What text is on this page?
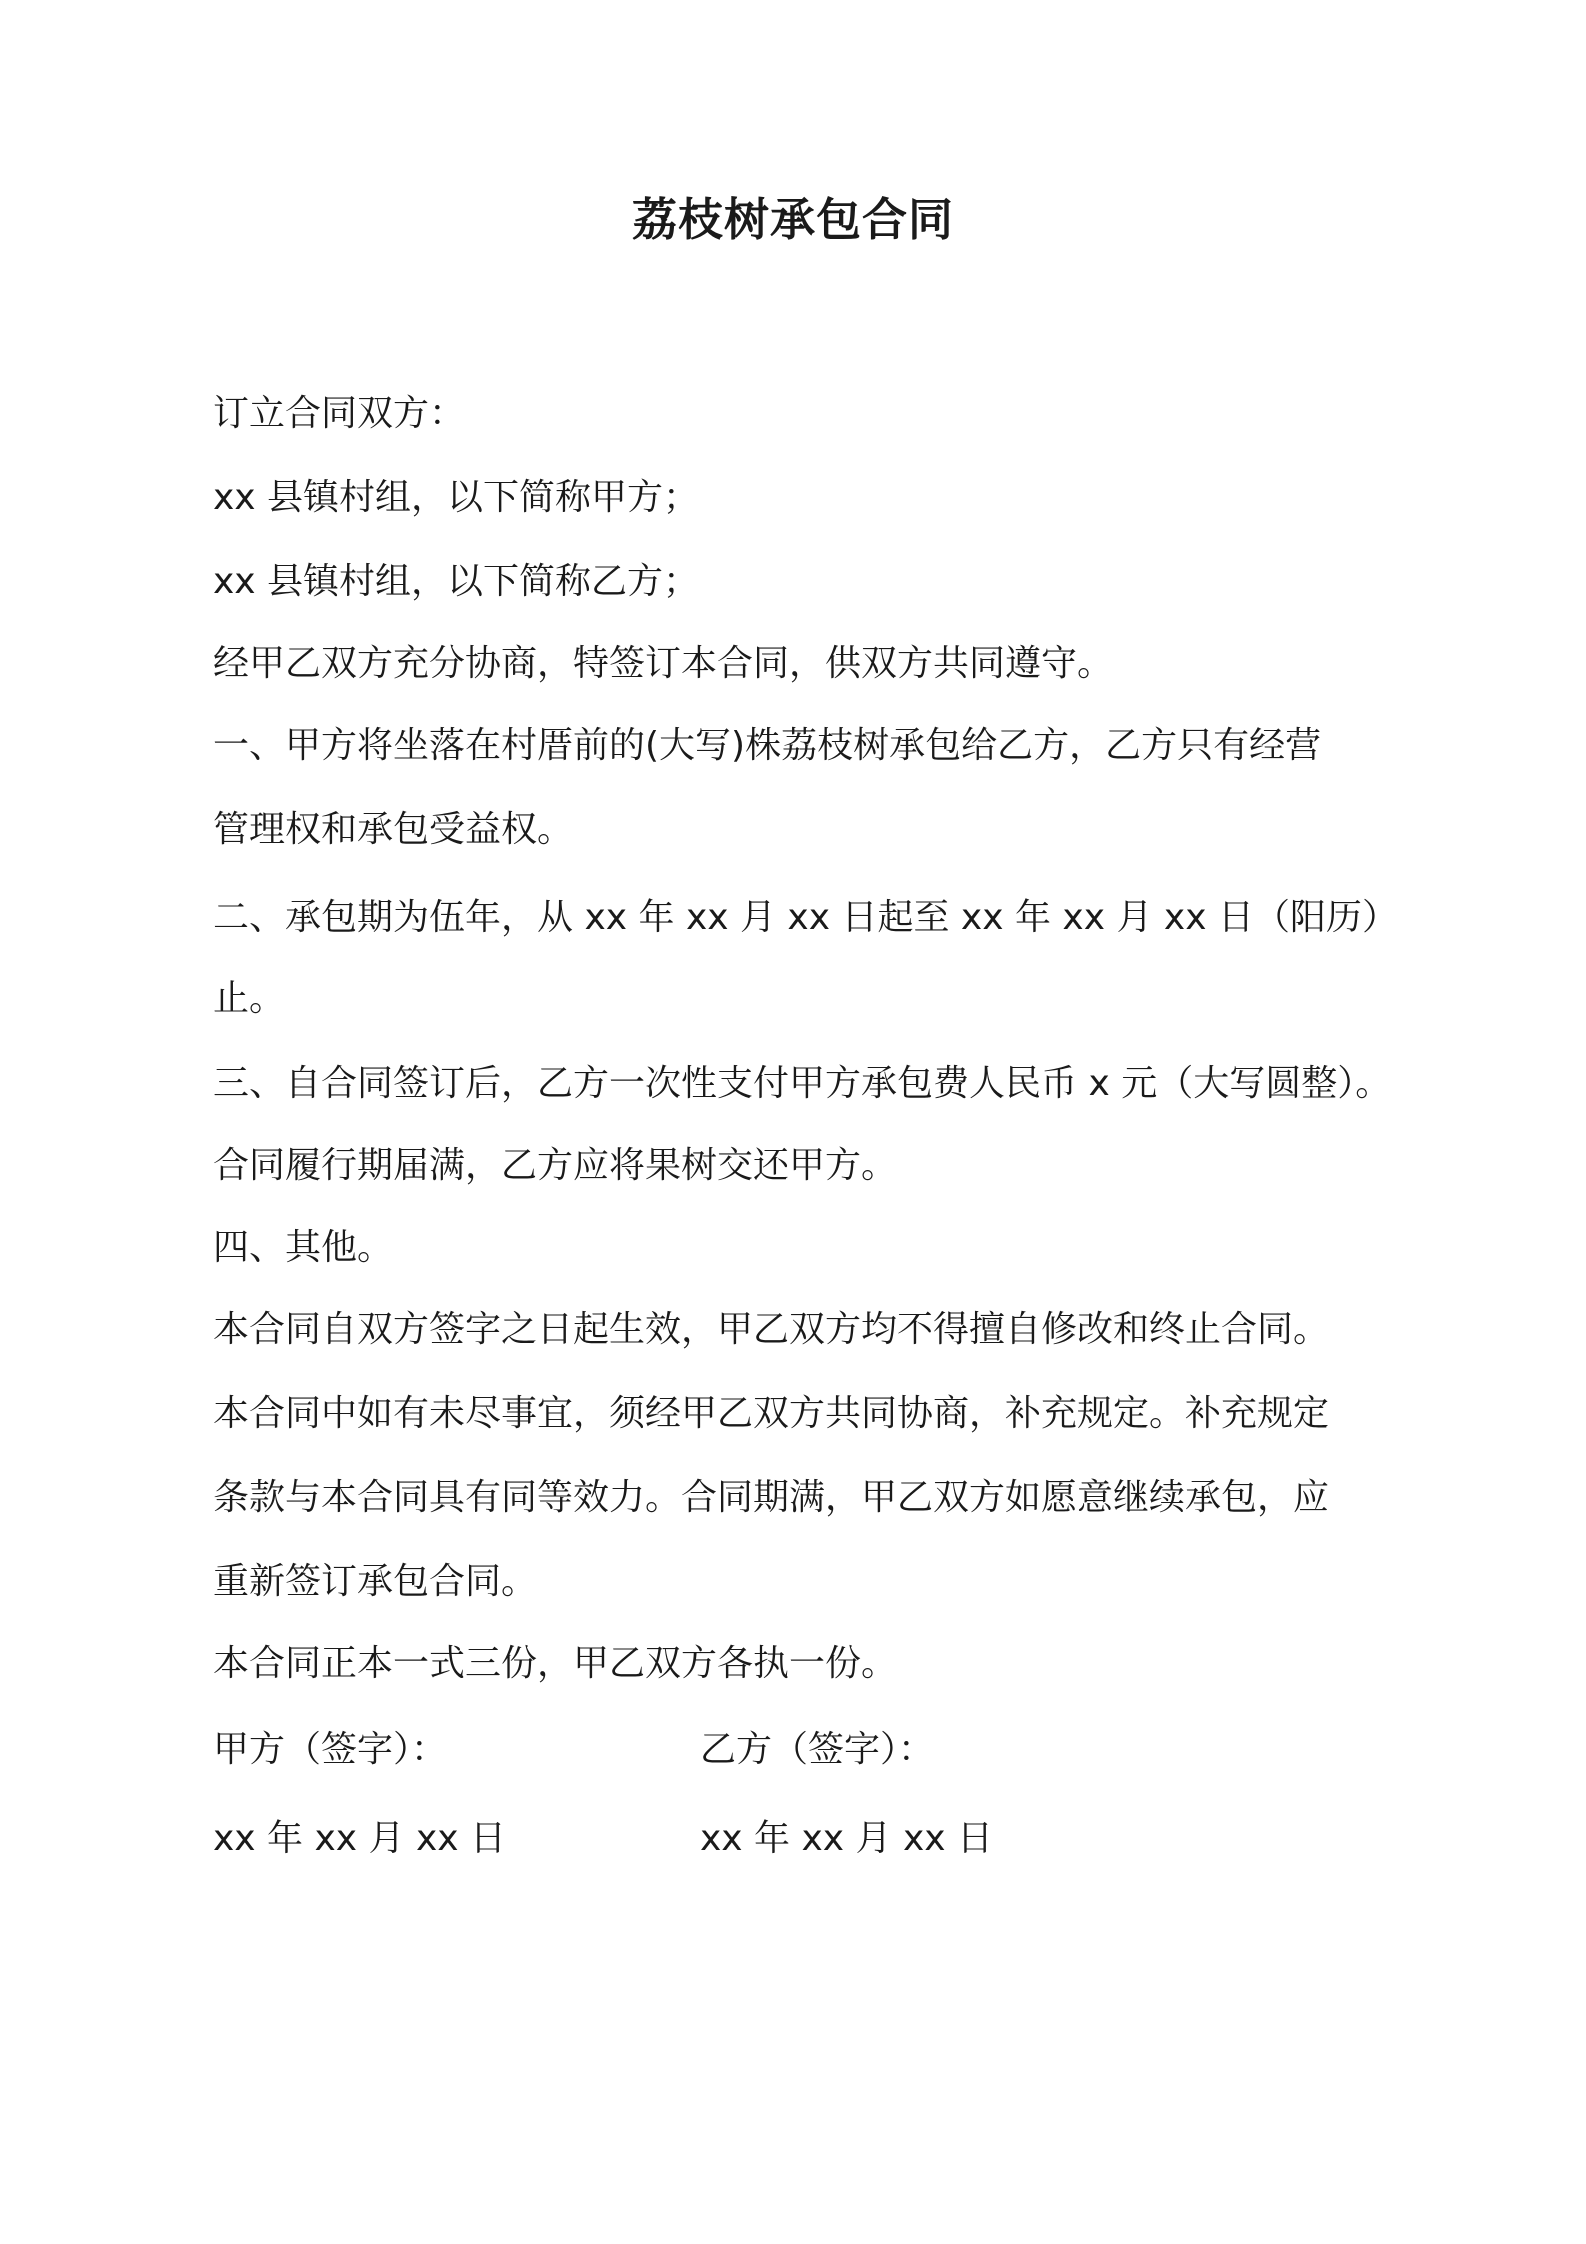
荔枝树承包合同
订立合同双方：
xx 县镇村组，以下简称甲方；
xx 县镇村组，以下简称乙方；
经甲乙双方充分协商，特签订本合同，供双方共同遵守。
一、甲方将坐落在村厝前的(大写)株荔枝树承包给乙方，乙方只有经营
管理权和承包受益权。
二、承包期为伍年，从 xx 年 xx 月 xx 日起至 xx 年 xx 月 xx 日（阳历）
止。
三、自合同签订后，乙方一次性支付甲方承包费人民币 x 元（大写圆整）。
合同履行期届满，乙方应将果树交还甲方。
四、其他。
本合同自双方签字之日起生效，甲乙双方均不得擅自修改和终止合同。
本合同中如有未尽事宜，须经甲乙双方共同协商，补充规定。补充规定
条款与本合同具有同等效力。合同期满，甲乙双方如愿意继续承包，应
重新签订承包合同。
本合同正本一式三份，甲乙双方各执一份。
甲方（签字）：	乙方（签字）：
xx 年 xx 月 xx 日	xx 年 xx 月 xx 日
